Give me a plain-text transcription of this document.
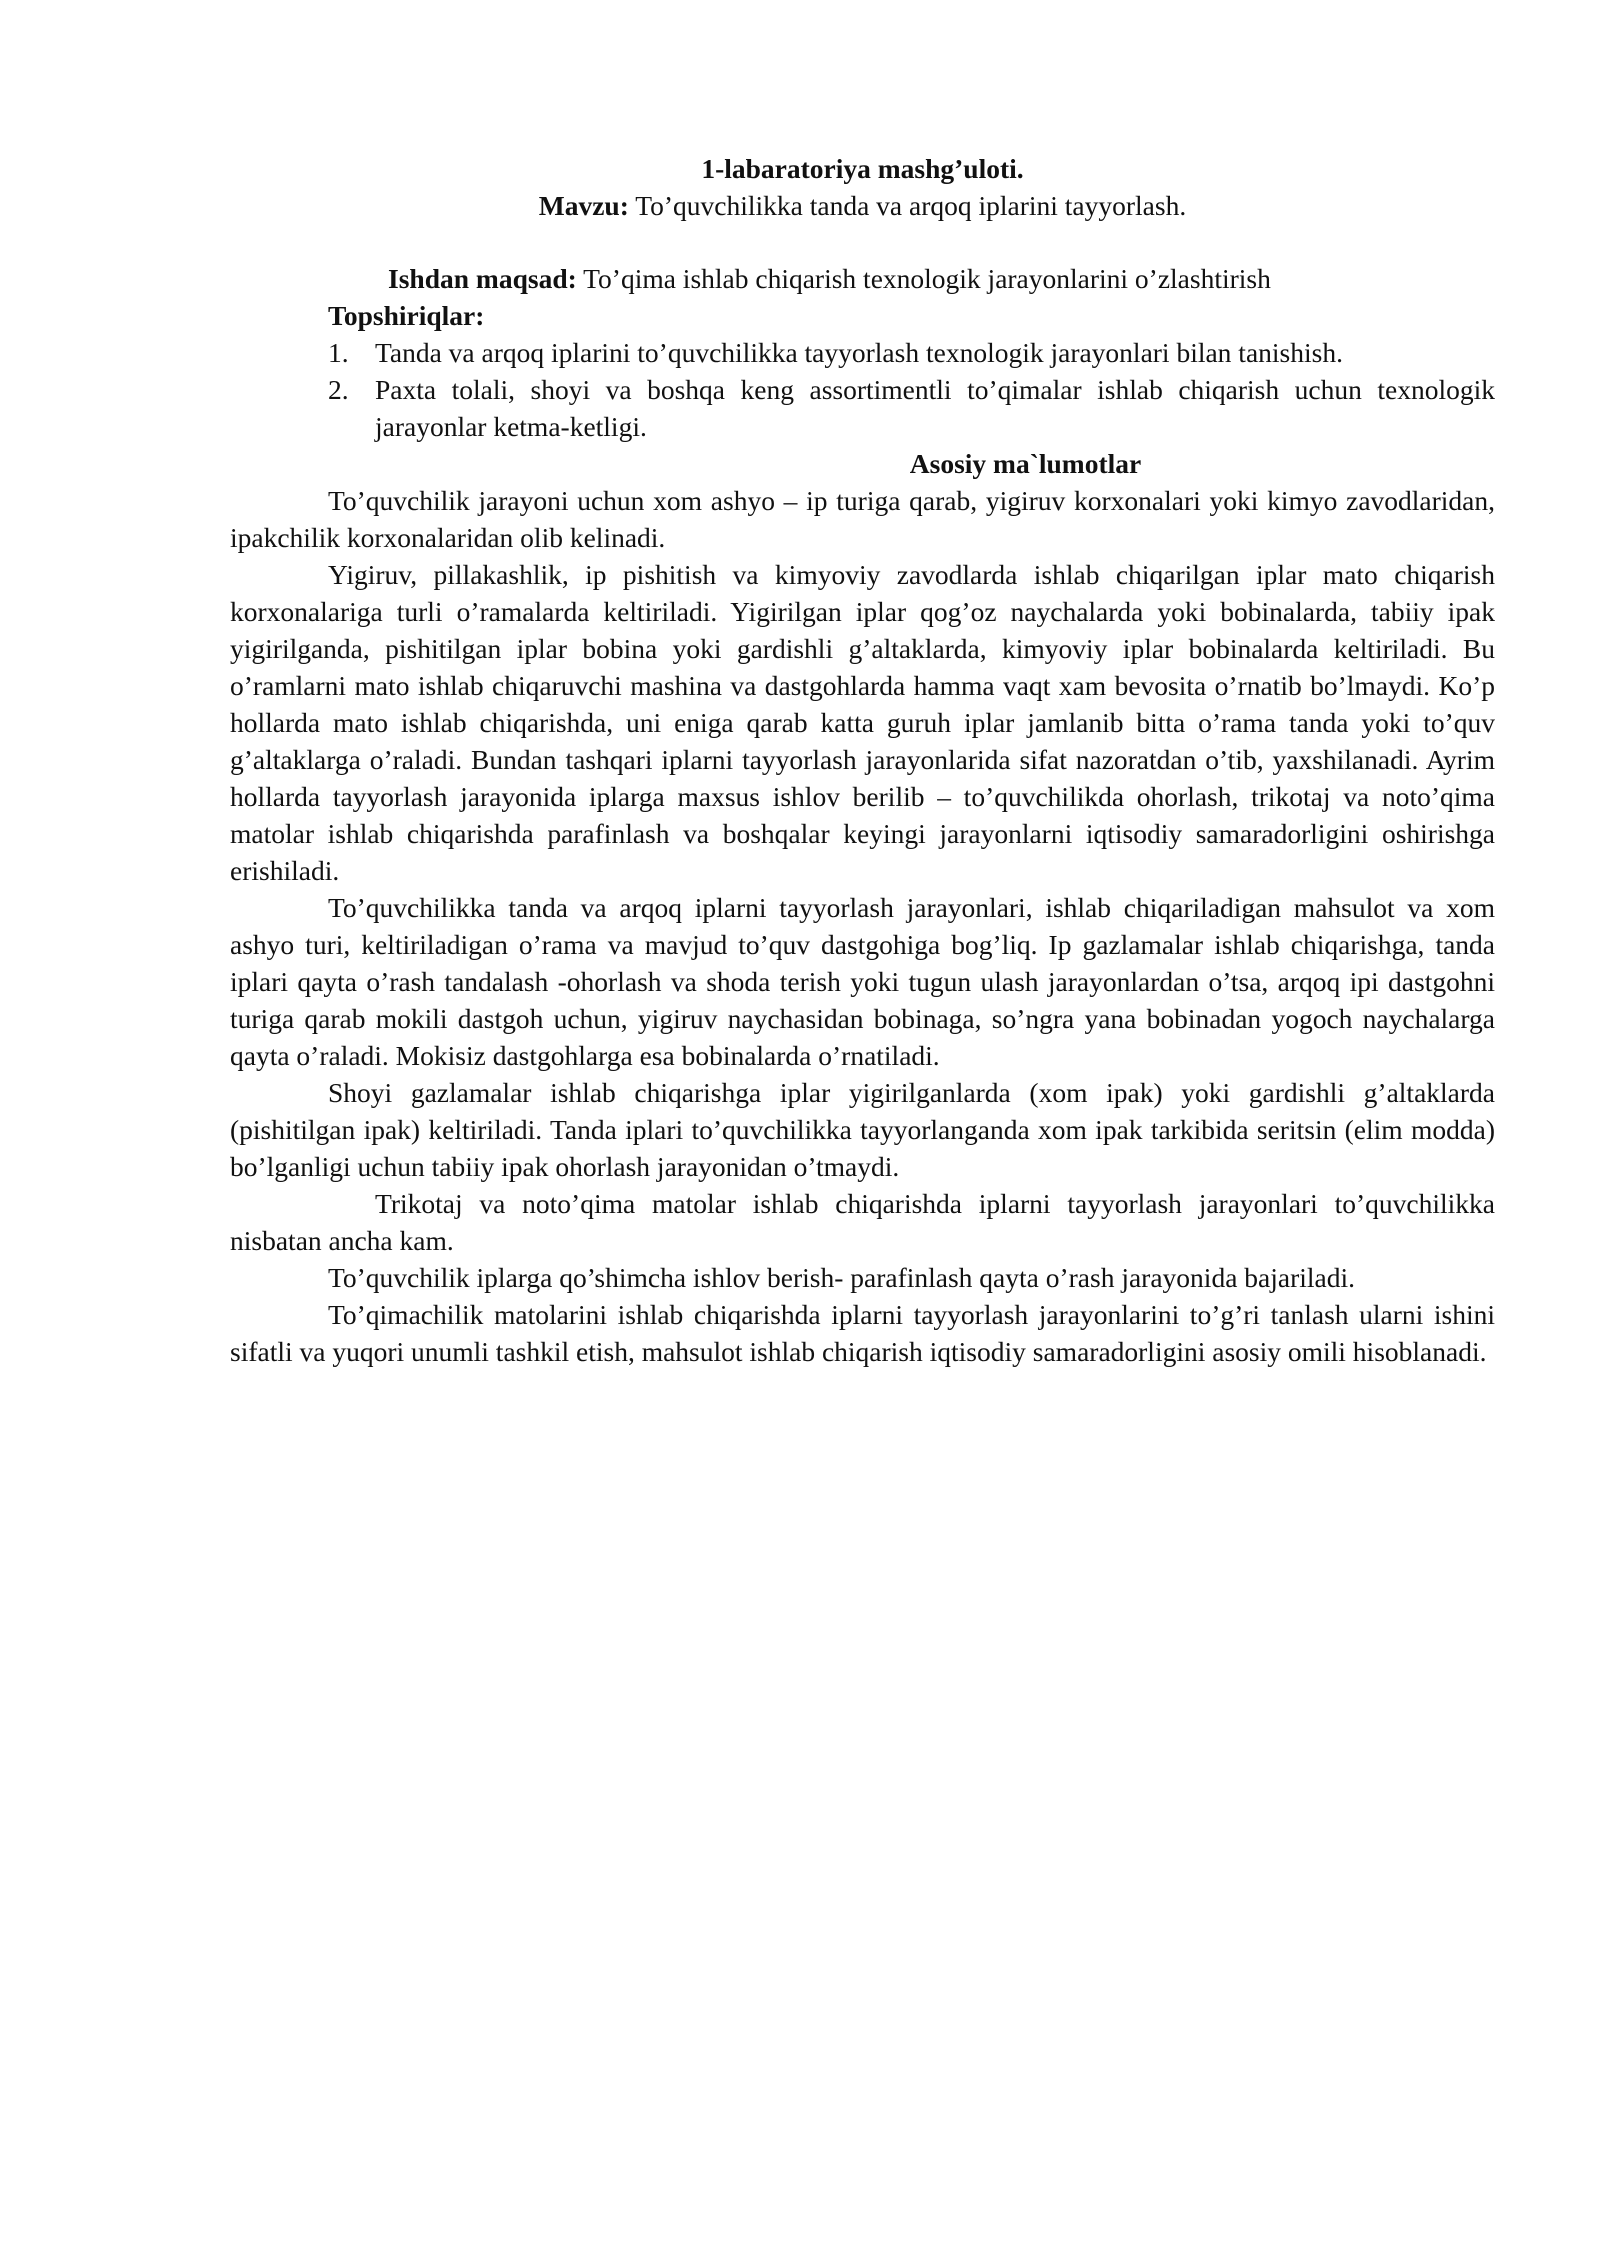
1-labaratoriya mashg’uloti.
Mavzu: To’quvchilikka tanda va arqoq iplarini tayyorlash.
Ishdan maqsad: To’qima ishlab chiqarish texnologik jarayonlarini o’zlashtirish
Topshiriqlar:
1. Tanda va arqoq iplarini to’quvchilikka tayyorlash texnologik jarayonlari bilan tanishish.
2. Paxta tolali, shoyi va boshqa keng assortimentli to’qimalar ishlab chiqarish uchun texnologik jarayonlar ketma-ketligi.
Asosiy ma`lumotlar

To’quvchilik jarayoni uchun xom ashyo – ip turiga qarab, yigiruv korxonalari yoki kimyo zavodlaridan, ipakchilik korxonalaridan olib kelinadi.

Yigiruv, pillakashlik, ip pishitish va kimyoviy zavodlarda ishlab chiqarilgan iplar mato chiqarish korxonalariga turli o’ramalarda keltiriladi. Yigirilgan iplar qog’oz naychalarda yoki bobinalarda, tabiiy ipak yigirilganda, pishitilgan iplar bobina yoki gardishli g’altaklarda, kimyoviy iplar bobinalarda keltiriladi. Bu o’ramlarni mato ishlab chiqaruvchi mashina va dastgohlarda hamma vaqt xam bevosita o’rnatib bo’lmaydi. Ko’p hollarda mato ishlab chiqarishda, uni eniga qarab katta guruh iplar jamlanib bitta o’rama tanda yoki to’quv g’altaklarga o’raladi. Bundan tashqari iplarni tayyorlash jarayonlarida sifat nazoratdan o’tib, yaxshilanadi. Ayrim hollarda tayyorlash jarayonida iplarga maxsus ishlov berilib – to’quvchilikda ohorlash, trikotaj va noto’qima matolar ishlab chiqarishda parafinlash va boshqalar keyingi jarayonlarni iqtisodiy samaradorligini oshirishga erishiladi.

To’quvchilikka tanda va arqoq iplarni tayyorlash jarayonlari, ishlab chiqariladigan mahsulot va xom ashyo turi, keltiriladigan o’rama va mavjud to’quv dastgohiga bog’liq. Ip gazlamalar ishlab chiqarishga, tanda iplari qayta o’rash tandalash -ohorlash va shoda terish yoki tugun ulash jarayonlardan o’tsa, arqoq ipi dastgohni turiga qarab mokili dastgoh uchun, yigiruv naychasidan bobinaga, so’ngra yana bobinadan yogoch naychalarga qayta o’raladi. Mokisiz dastgohlarga esa bobinalarda o’rnatiladi.

Shoyi gazlamalar ishlab chiqarishga iplar yigirilganlarda (xom ipak) yoki gardishli g’altaklarda (pishitilgan ipak) keltiriladi. Tanda iplari to’quvchilikka tayyorlanganda xom ipak tarkibida seritsin (elim modda) bo’lganligi uchun tabiiy ipak ohorlash jarayonidan o’tmaydi.

Trikotaj va noto’qima matolar ishlab chiqarishda iplarni tayyorlash jarayonlari to’quvchilikka nisbatan ancha kam.

To’quvchilik iplarga qo’shimcha ishlov berish- parafinlash qayta o’rash jarayonida bajariladi.

To’qimachilik matolarini ishlab chiqarishda iplarni tayyorlash jarayonlarini to’g’ri tanlash ularni ishini sifatli va yuqori unumli tashkil etish, mahsulot ishlab chiqarish iqtisodiy samaradorligini asosiy omili hisoblanadi.
